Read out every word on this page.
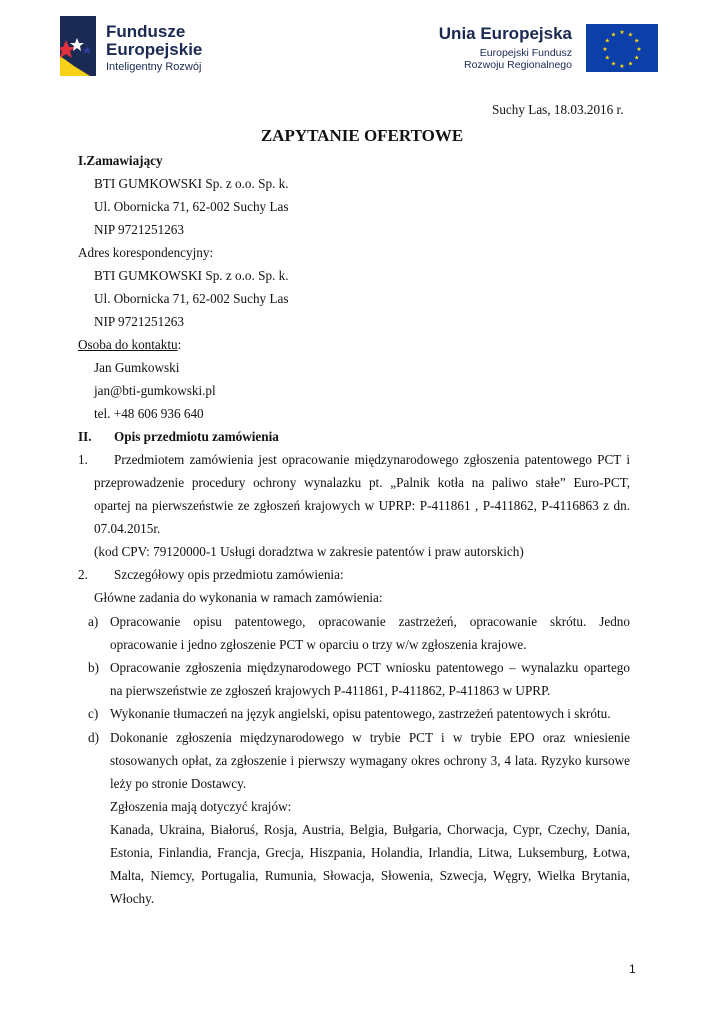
Fundusze
Europejskie
Inteligentny Rozwój
Unia Europejska
Europejski Fundusz
Rozwoju Regionalnego
★ ★
★
★
★
★
★
★
★
★
★
★
Suchy Las, 18.03.2016 r.
ZAPYTANIE OFERTOWE
I.Zamawiający
BTI GUMKOWSKI Sp. z o.o. Sp. k.
Ul. Obornicka 71, 62-002 Suchy Las
NIP 9721251263
Adres korespondencyjny:
BTI GUMKOWSKI Sp. z o.o. Sp. k.
Ul. Obornicka 71, 62-002 Suchy Las
NIP 9721251263
Osoba do kontaktu:
Jan Gumkowski
jan@bti-gumkowski.pl
tel. +48 606 936 640
II. Opis przedmiotu zamówienia
1. Przedmiotem zamówienia jest opracowanie międzynarodowego zgłoszenia patentowego PCT i
przeprowadzenie procedury ochrony wynalazku pt. „Palnik kotła na paliwo stałe” Euro-PCT,
opartej na pierwszeństwie ze zgłoszeń krajowych w UPRP: P-411861 , P-411862, P-4116863 z dn.
07.04.2015r.
(kod CPV: 79120000-1 Usługi doradztwa w zakresie patentów i praw autorskich)
2. Szczegółowy opis przedmiotu zamówienia:
Główne zadania do wykonania w ramach zamówienia:
a) Opracowanie opisu patentowego, opracowanie zastrzeżeń, opracowanie skrótu. Jedno
opracowanie i jedno zgłoszenie PCT w oparciu o trzy w/w zgłoszenia krajowe.
b) Opracowanie zgłoszenia międzynarodowego PCT wniosku patentowego – wynalazku opartego
na pierwszeństwie ze zgłoszeń krajowych P-411861, P-411862, P-411863 w UPRP.
c) Wykonanie tłumaczeń na język angielski, opisu patentowego, zastrzeżeń patentowych i skrótu.
d) Dokonanie zgłoszenia międzynarodowego w trybie PCT i w trybie EPO oraz wniesienie
stosowanych opłat, za zgłoszenie i pierwszy wymagany okres ochrony 3, 4 lata. Ryzyko kursowe
leży po stronie Dostawcy.
Zgłoszenia mają dotyczyć krajów:
Kanada, Ukraina, Białoruś, Rosja, Austria, Belgia, Bułgaria, Chorwacja, Cypr, Czechy, Dania,
Estonia, Finlandia, Francja, Grecja, Hiszpania, Holandia, Irlandia, Litwa, Luksemburg, Łotwa,
Malta, Niemcy, Portugalia, Rumunia, Słowacja, Słowenia, Szwecja, Węgry, Wielka Brytania,
Włochy.
1
